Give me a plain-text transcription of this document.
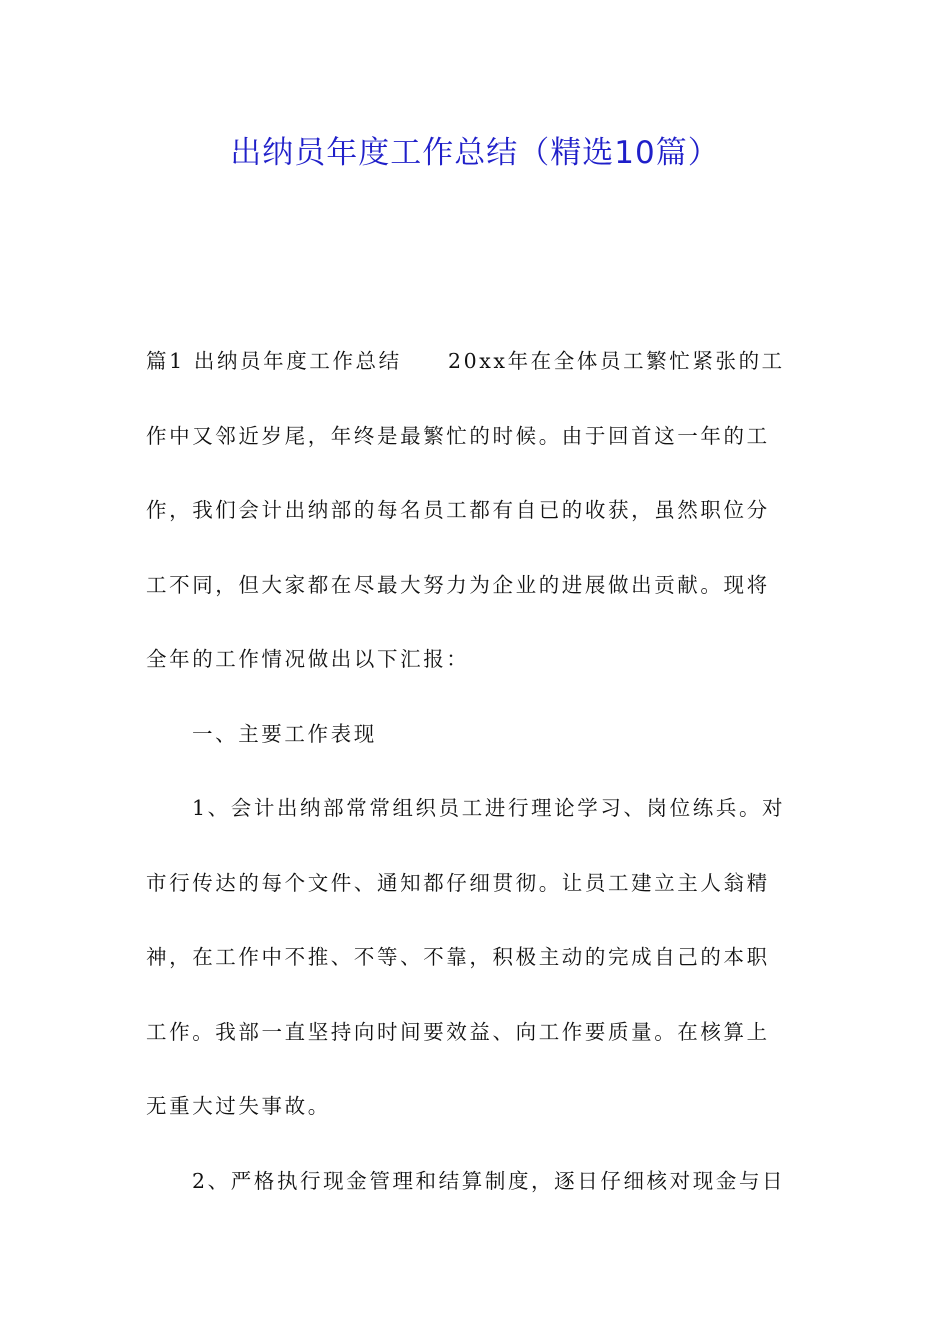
出纳员年度工作总结（精选10篇）
篇1 出纳员年度工作总结　　20xx年在全体员工繁忙紧张的工
作中又邻近岁尾，年终是最繁忙的时候。由于回首这一年的工
作，我们会计出纳部的每名员工都有自已的收获，虽然职位分
工不同，但大家都在尽最大努力为企业的进展做出贡献。现将
全年的工作情况做出以下汇报：
一、主要工作表现
1、会计出纳部常常组织员工进行理论学习、岗位练兵。对
市行传达的每个文件、通知都仔细贯彻。让员工建立主人翁精
神，在工作中不推、不等、不靠，积极主动的完成自己的本职
工作。我部一直坚持向时间要效益、向工作要质量。在核算上
无重大过失事故。
2、严格执行现金管理和结算制度，逐日仔细核对现金与日
